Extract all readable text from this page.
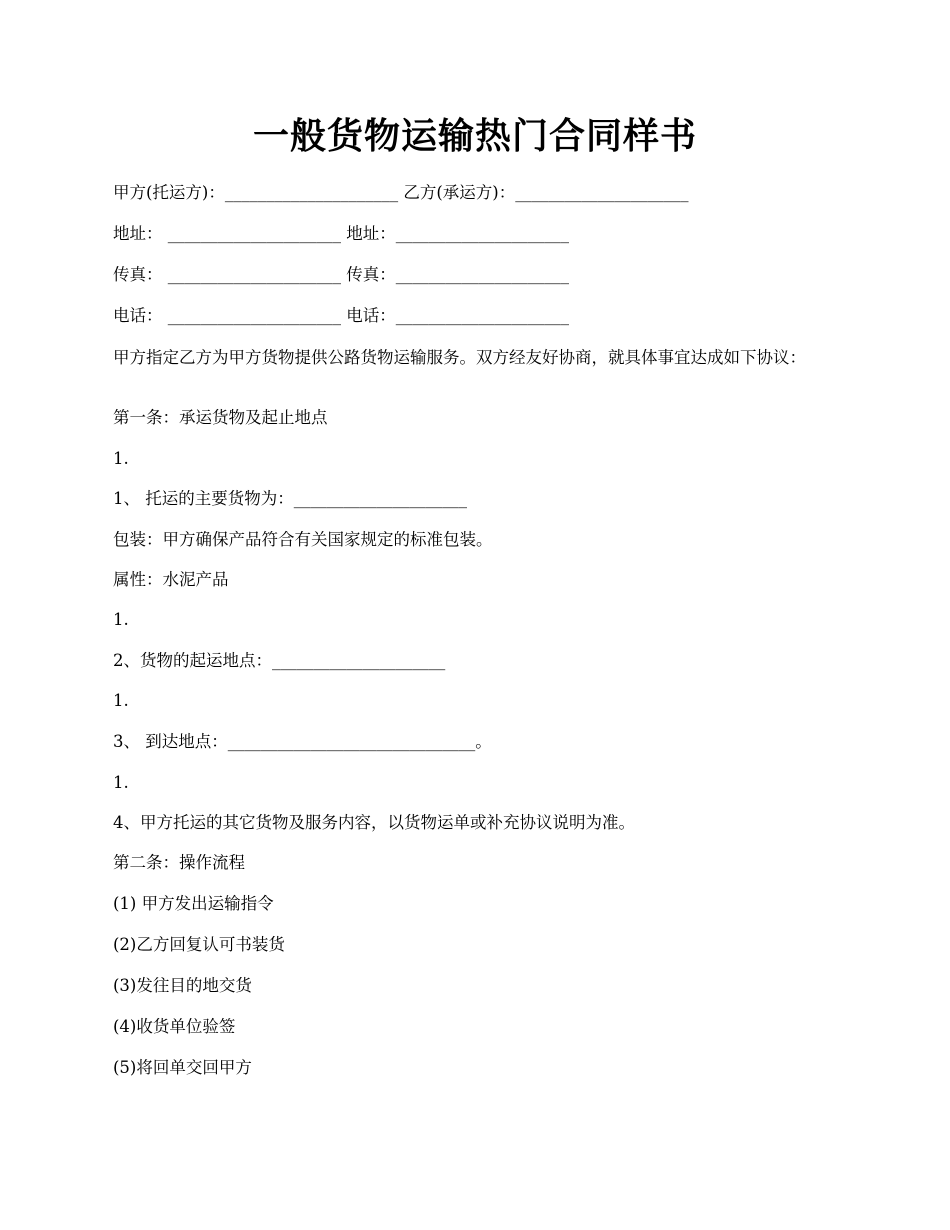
一般货物运输热门合同样书
甲方(托运方)：_____________________ 乙方(承运方)：_____________________
地址： _____________________ 地址：_____________________
传真： _____________________ 传真：_____________________
电话： _____________________ 电话：_____________________
甲方指定乙方为甲方货物提供公路货物运输服务。双方经友好协商，就具体事宜达成如下协议：
第一条：承运货物及起止地点
1.
1、 托运的主要货物为：_____________________
包装：甲方确保产品符合有关国家规定的标准包装。
属性：水泥产品
1.
2、货物的起运地点：_____________________
1.
3、 到达地点：______________________________。
1.
4、甲方托运的其它货物及服务内容，以货物运单或补充协议说明为准。
第二条：操作流程
(1) 甲方发出运输指令
(2)乙方回复认可书装货
(3)发往目的地交货
(4)收货单位验签
(5)将回单交回甲方
